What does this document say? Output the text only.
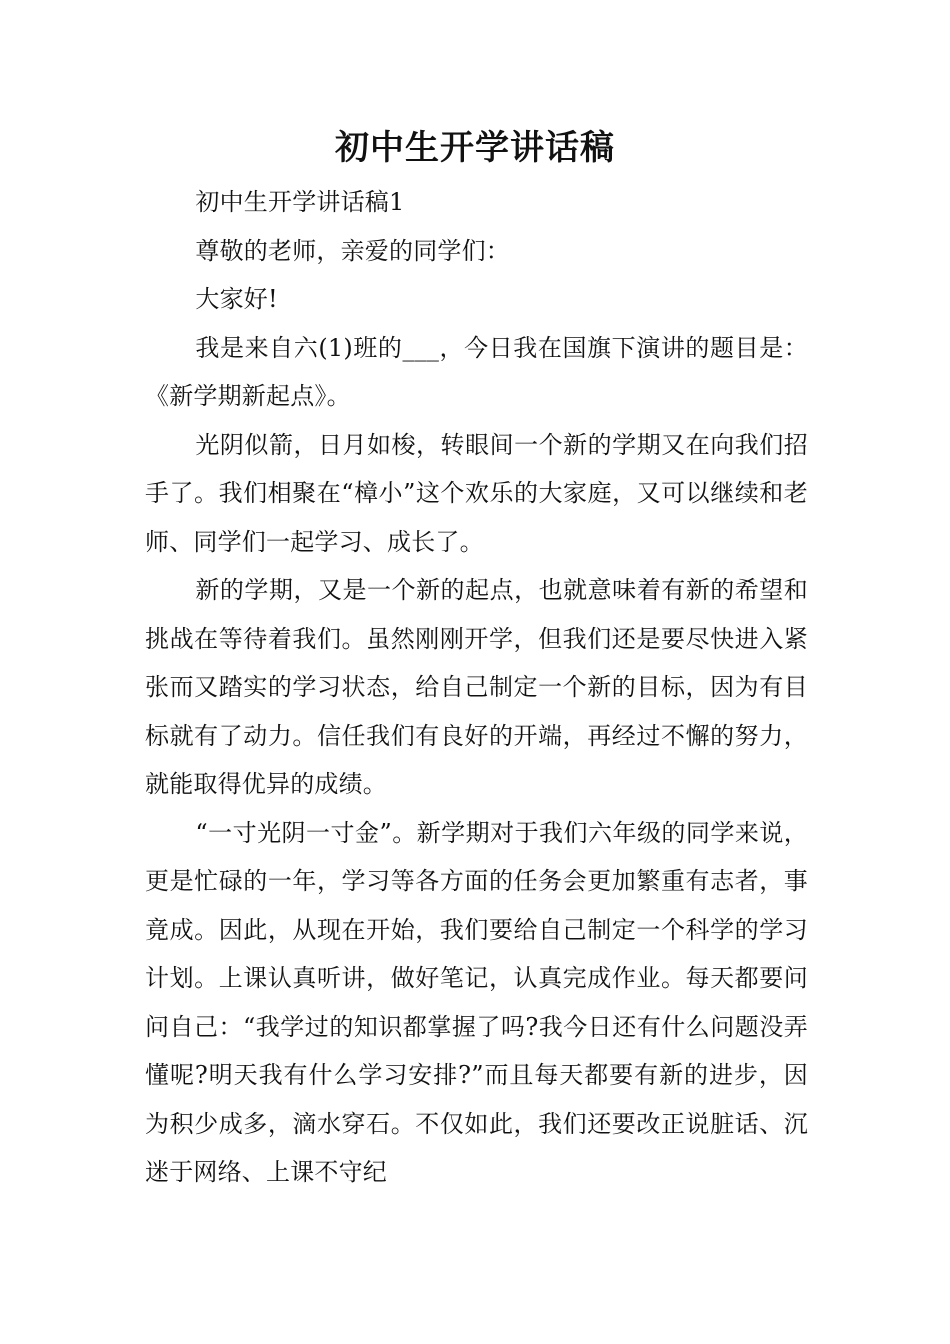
初中生开学讲话稿

初中生开学讲话稿1

尊敬的老师，亲爱的同学们：

大家好!

我是来自六(1)班的___，今日我在国旗下演讲的题目是：《新学期新起点》。

光阴似箭，日月如梭，转眼间一个新的学期又在向我们招手了。我们相聚在“樟小”这个欢乐的大家庭，又可以继续和老师、同学们一起学习、成长了。

新的学期，又是一个新的起点，也就意味着有新的希望和挑战在等待着我们。虽然刚刚开学，但我们还是要尽快进入紧张而又踏实的学习状态，给自己制定一个新的目标，因为有目标就有了动力。信任我们有良好的开端，再经过不懈的努力，就能取得优异的成绩。

“一寸光阴一寸金”。新学期对于我们六年级的同学来说，更是忙碌的一年，学习等各方面的任务会更加繁重有志者，事竟成。因此，从现在开始，我们要给自己制定一个科学的学习计划。上课认真听讲，做好笔记，认真完成作业。每天都要问问自己：“我学过的知识都掌握了吗?我今日还有什么问题没弄懂呢?明天我有什么学习安排?”而且每天都要有新的进步，因为积少成多，滴水穿石。不仅如此，我们还要改正说脏话、沉迷于网络、上课不守纪
